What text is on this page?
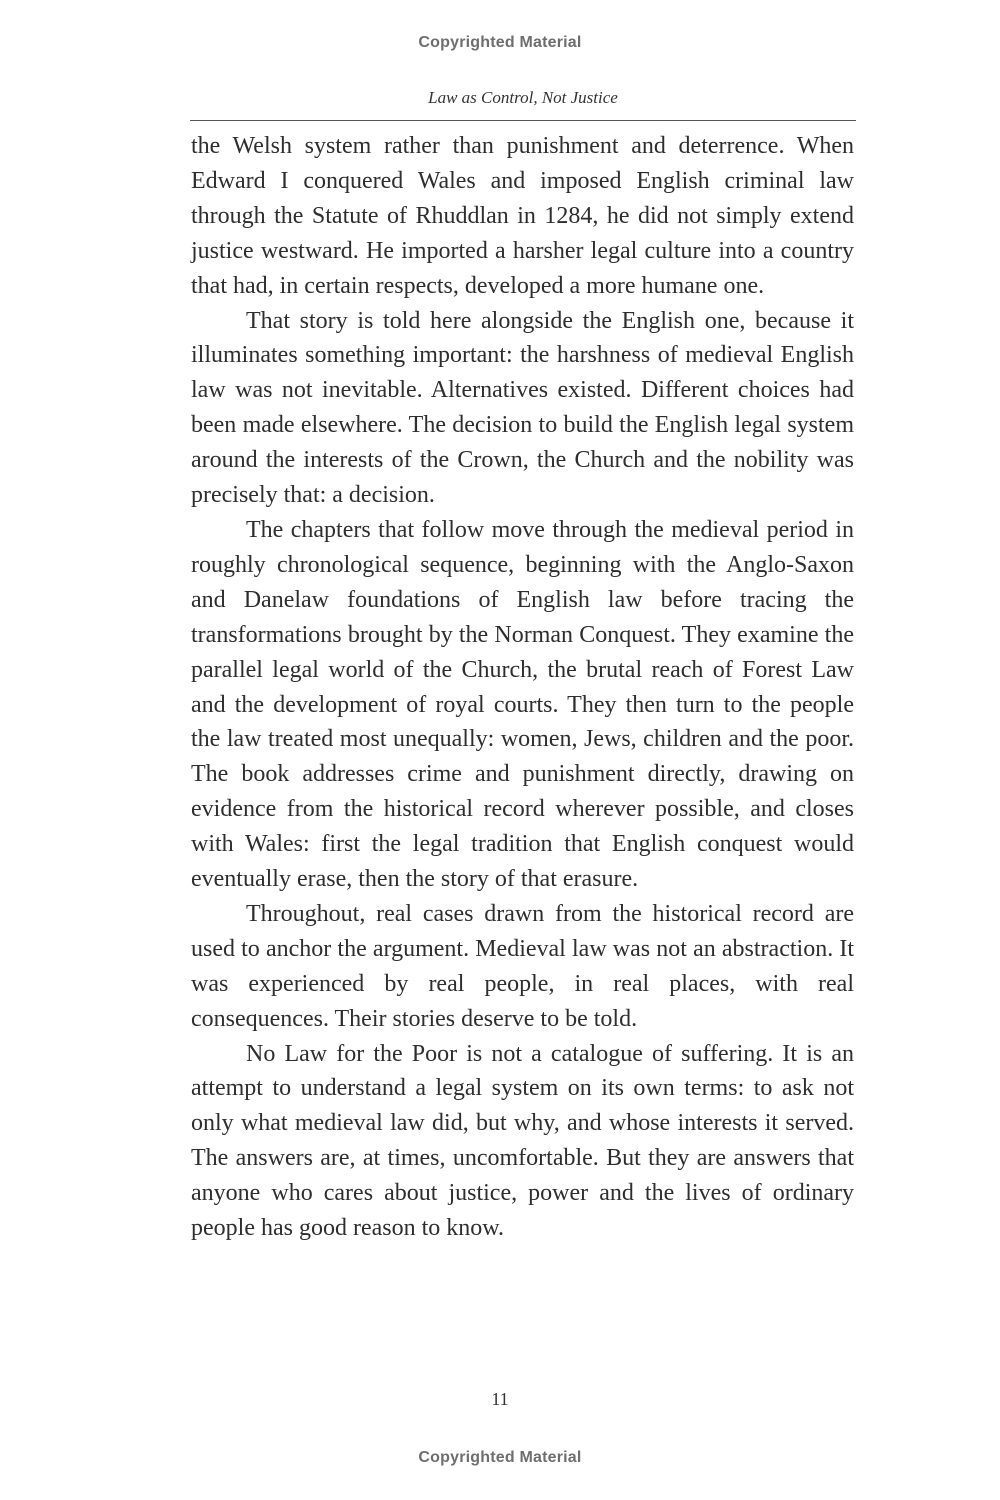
Copyrighted Material
Law as Control, Not Justice

the Welsh system rather than punishment and deterrence. When Edward I conquered Wales and imposed English criminal law through the Statute of Rhuddlan in 1284, he did not simply extend justice westward. He imported a harsher legal culture into a country that had, in certain respects, developed a more humane one.

That story is told here alongside the English one, because it illuminates something important: the harshness of medieval English law was not inevitable. Alternatives existed. Different choices had been made elsewhere. The decision to build the English legal system around the interests of the Crown, the Church and the nobility was precisely that: a decision.

The chapters that follow move through the medieval period in roughly chronological sequence, beginning with the Anglo-Saxon and Danelaw foundations of English law before tracing the transformations brought by the Norman Conquest. They examine the parallel legal world of the Church, the brutal reach of Forest Law and the development of royal courts. They then turn to the people the law treated most unequally: women, Jews, children and the poor. The book addresses crime and punishment directly, drawing on evidence from the historical record wherever possible, and closes with Wales: first the legal tradition that English conquest would eventually erase, then the story of that erasure.

Throughout, real cases drawn from the historical record are used to anchor the argument. Medieval law was not an abstraction. It was experienced by real people, in real places, with real consequences. Their stories deserve to be told.

No Law for the Poor is not a catalogue of suffering. It is an attempt to understand a legal system on its own terms: to ask not only what medieval law did, but why, and whose interests it served. The answers are, at times, uncomfortable. But they are answers that anyone who cares about justice, power and the lives of ordinary people has good reason to know.

11
Copyrighted Material
